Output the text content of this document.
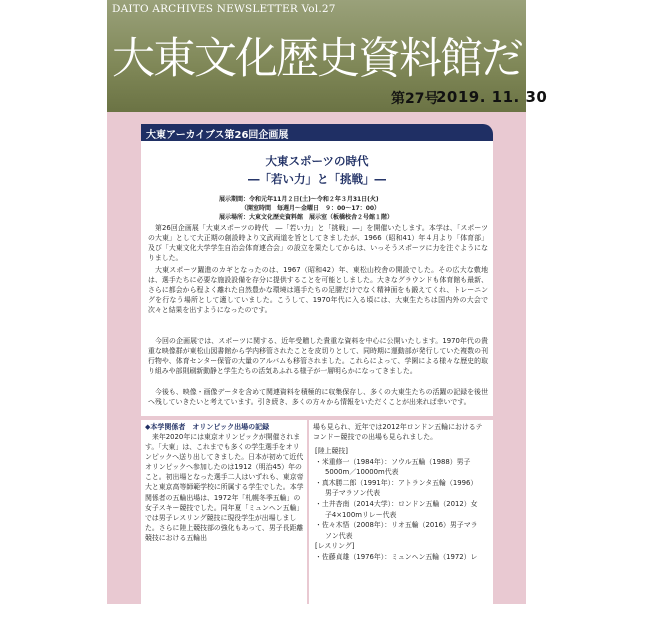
DAITO ARCHIVES NEWSLETTER Vol.27
大東文化歴史資料館だより
第27号
2019. 11. 30
大東アーカイブス第26回企画展
大東スポーツの時代
―「若い力」と「挑戦」―
展示期間：令和元年11月２日(土)～令和２年３月31日(火)
（開室時間　毎週月～金曜日　９：00～17：00）
展示場所：大東文化歴史資料館　展示室（板橋校舎２号館１階）

第26回企画展「大東スポーツの時代　―「若い力」と「挑戦」―」を開催いたします。本学は、「スポーツの大東」として大正期の創設時より文武両道を旨としてきましたが、1966（昭和41）年４月より「体育部」及び「大東文化大学学生自治会体育連合会」の設立を果たしてからは、いっそうスポーツに力を注ぐようになりました。

大東スポーツ躍進のカギとなったのは、1967（昭和42）年、東松山校舎の開設でした。その広大な敷地は、選手たちに必要な施設設備を存分に提供することを可能としました。大きなグラウンドも体育館も最新、さらに都会から程よく離れた自然豊かな環境は選手たちの足腰だけでなく精神面をも鍛えてくれ、トレーニングを行なう場所として適していました。こうして、1970年代に入る頃には、大東生たちは国内外の大会で次々と結果を出すようになったのです。

今回の企画展では、スポーツに関する、近年受贈した貴重な資料を中心に公開いたします。1970年代の貴重な映像群が東松山図書館から学内移管されたことを皮切りとして、同時期に運動部が発行していた複数の刊行物や、体育センター保管の大量のアルバムも移管されました。これらによって、学園による様々な歴史的取り組みや部則刷新動静と学生たちの活気あふれる様子が一層明らかになってきました。

今後も、映像・画像データを含めて関連資料を積極的に収集保存し、多くの大東生たちの活躍の記録を後世へ残していきたいと考えています。引き続き、多くの方々から情報をいただくことが出来れば幸いです。

◆本学関係者　オリンピック出場の記録

来年2020年には東京オリンピックが開催されます。「大東」は、これまでも多くの学生選手をオリンピックへ送り出してきました。日本が初めて近代オリンピックへ参加したのは1912（明治45）年のこと。初出場となった選手二人はいずれも、東京帝大と東京高等師範学校に所属する学生でした。本学関係者の五輪出場は、1972年「札幌冬季五輪」の女子スキー競技でした。同年夏「ミュンヘン五輪」では男子レスリング競技に現役学生が出場しました。さらに陸上競技部の強化もあって、男子長距離競技における五輪出

場も見られ、近年では2012年ロンドン五輪におけるテコンドー競技での出場も見られました。

[陸上競技]
・米重修一（1984年）：ソウル五輪（1988）男子
5000m／10000m代表
・真木勝二郎（1991年）：アトランタ五輪（1996）
男子マラソン代表
・土井杏南（2014大学）：ロンドン五輪（2012）女
子4×100mリレー代表
・佐々木悟（2008年）：リオ五輪（2016）男子マラ
ソン代表
[レスリング]
・佐藤貞雄（1976年）：ミュンヘン五輪（1972）レ
